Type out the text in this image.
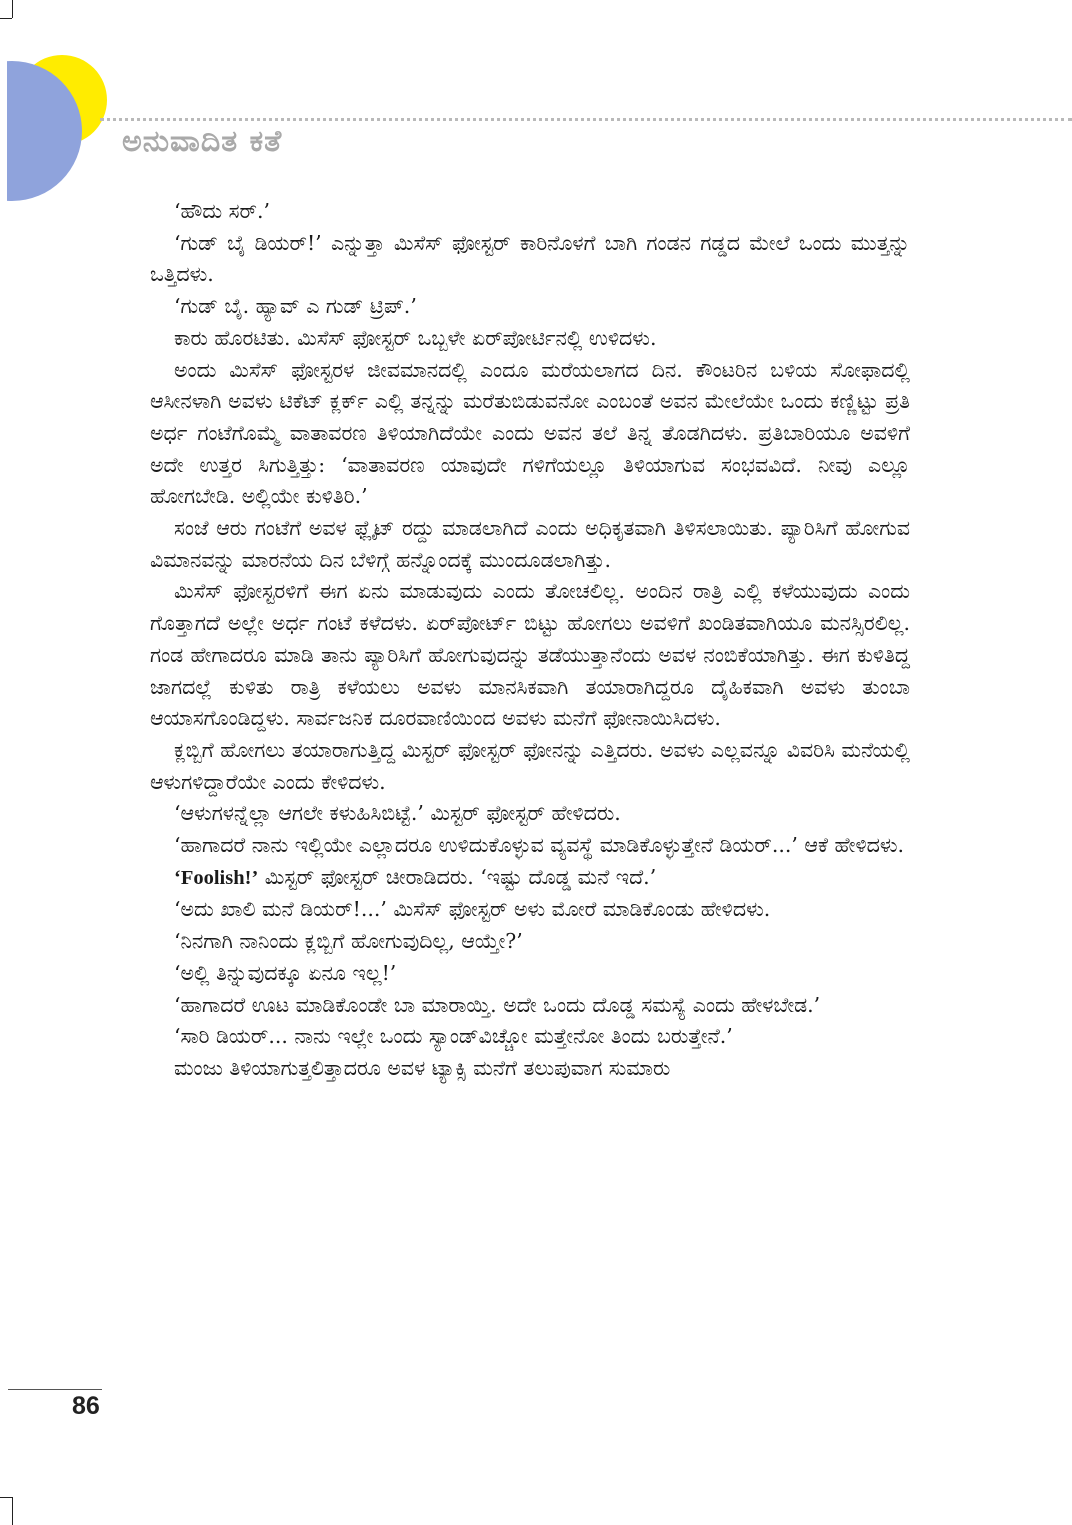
ಅನುವಾದಿತ ಕತೆ

‘ಹೌದು ಸರ್.’

‘ಗುಡ್ ಬೈ ಡಿಯರ್!’ ಎನ್ನುತ್ತಾ ಮಿಸೆಸ್ ಫೋಸ್ಟರ್ ಕಾರಿನೊಳಗೆ ಬಾಗಿ ಗಂಡನ ಗಡ್ಡದ ಮೇಲೆ ಒಂದು ಮುತ್ತನ್ನು ಒತ್ತಿದಳು.

‘ಗುಡ್ ಬೈ. ಹ್ಯಾವ್ ಎ ಗುಡ್ ಟ್ರಿಪ್.’

ಕಾರು ಹೊರಟಿತು. ಮಿಸೆಸ್ ಫೋಸ್ಟರ್ ಒಬ್ಬಳೇ ಏರ್‌ಪೋರ್ಟಿನಲ್ಲಿ ಉಳಿದಳು.

ಅಂದು ಮಿಸೆಸ್ ಫೋಸ್ಟರಳ ಜೀವಮಾನದಲ್ಲಿ ಎಂದೂ ಮರೆಯಲಾಗದ ದಿನ. ಕೌಂಟರಿನ ಬಳಿಯ ಸೋಫಾದಲ್ಲಿ ಆಸೀನಳಾಗಿ ಅವಳು ಟಿಕೆಟ್ ಕ್ಲರ್ಕ್ ಎಲ್ಲಿ ತನ್ನನ್ನು ಮರೆತುಬಿಡುವನೋ ಎಂಬಂತೆ ಅವನ ಮೇಲೆಯೇ ಒಂದು ಕಣ್ಣಿಟ್ಟು ಪ್ರತಿ ಅರ್ಧ ಗಂಟೆಗೊಮ್ಮೆ ವಾತಾವರಣ ತಿಳಿಯಾಗಿದೆಯೇ ಎಂದು ಅವನ ತಲೆ ತಿನ್ನ ತೊಡಗಿದಳು. ಪ್ರತಿಬಾರಿಯೂ ಅವಳಿಗೆ ಅದೇ ಉತ್ತರ ಸಿಗುತ್ತಿತ್ತು: ‘ವಾತಾವರಣ ಯಾವುದೇ ಗಳಿಗೆಯಲ್ಲೂ ತಿಳಿಯಾಗುವ ಸಂಭವವಿದೆ. ನೀವು ಎಲ್ಲೂ ಹೋಗಬೇಡಿ. ಅಲ್ಲಿಯೇ ಕುಳಿತಿರಿ.’

ಸಂಜೆ ಆರು ಗಂಟೆಗೆ ಅವಳ ಫ್ಲೈಟ್ ರದ್ದು ಮಾಡಲಾಗಿದೆ ಎಂದು ಅಧಿಕೃತವಾಗಿ ತಿಳಿಸಲಾಯಿತು. ಪ್ಯಾರಿಸಿಗೆ ಹೋಗುವ ವಿಮಾನವನ್ನು ಮಾರನೆಯ ದಿನ ಬೆಳಿಗ್ಗೆ ಹನ್ನೊಂದಕ್ಕೆ ಮುಂದೂಡಲಾಗಿತ್ತು.

ಮಿಸೆಸ್ ಫೋಸ್ಟರಳಿಗೆ ಈಗ ಏನು ಮಾಡುವುದು ಎಂದು ತೋಚಲಿಲ್ಲ. ಅಂದಿನ ರಾತ್ರಿ ಎಲ್ಲಿ ಕಳೆಯುವುದು ಎಂದು ಗೊತ್ತಾಗದೆ ಅಲ್ಲೇ ಅರ್ಧ ಗಂಟೆ ಕಳೆದಳು. ಏರ್‌ಪೋರ್ಟ್ ಬಿಟ್ಟು ಹೋಗಲು ಅವಳಿಗೆ ಖಂಡಿತವಾಗಿಯೂ ಮನಸ್ಸಿರಲಿಲ್ಲ. ಗಂಡ ಹೇಗಾದರೂ ಮಾಡಿ ತಾನು ಪ್ಯಾರಿಸಿಗೆ ಹೋಗುವುದನ್ನು ತಡೆಯುತ್ತಾನೆಂದು ಅವಳ ನಂಬಿಕೆಯಾಗಿತ್ತು. ಈಗ ಕುಳಿತಿದ್ದ ಜಾಗದಲ್ಲೆ ಕುಳಿತು ರಾತ್ರಿ ಕಳೆಯಲು ಅವಳು ಮಾನಸಿಕವಾಗಿ ತಯಾರಾಗಿದ್ದರೂ ದೈಹಿಕವಾಗಿ ಅವಳು ತುಂಬಾ ಆಯಾಸಗೊಂಡಿದ್ದಳು. ಸಾರ್ವಜನಿಕ ದೂರವಾಣಿಯಿಂದ ಅವಳು ಮನೆಗೆ ಫೋನಾಯಿಸಿದಳು.

ಕ್ಲಬ್ಬಿಗೆ ಹೋಗಲು ತಯಾರಾಗುತ್ತಿದ್ದ ಮಿಸ್ಟರ್ ಫೋಸ್ಟರ್ ಫೋನನ್ನು ಎತ್ತಿದರು. ಅವಳು ಎಲ್ಲವನ್ನೂ ವಿವರಿಸಿ ಮನೆಯಲ್ಲಿ ಆಳುಗಳಿದ್ದಾರೆಯೇ ಎಂದು ಕೇಳಿದಳು.

‘ಆಳುಗಳನ್ನೆಲ್ಲಾ ಆಗಲೇ ಕಳುಹಿಸಿಬಿಟ್ಟೆ.’ ಮಿಸ್ಟರ್ ಫೋಸ್ಟರ್ ಹೇಳಿದರು.

‘ಹಾಗಾದರೆ ನಾನು ಇಲ್ಲಿಯೇ ಎಲ್ಲಾದರೂ ಉಳಿದುಕೊಳ್ಳುವ ವ್ಯವಸ್ಥೆ ಮಾಡಿಕೊಳ್ಳುತ್ತೇನೆ ಡಿಯರ್...’ ಆಕೆ ಹೇಳಿದಳು.

‘Foolish!’ ಮಿಸ್ಟರ್ ಫೋಸ್ಟರ್ ಚೀರಾಡಿದರು. ‘ಇಷ್ಟು ದೊಡ್ಡ ಮನೆ ಇದೆ.’

‘ಅದು ಖಾಲಿ ಮನೆ ಡಿಯರ್!...’ ಮಿಸೆಸ್ ಫೋಸ್ಟರ್ ಅಳು ಮೋರೆ ಮಾಡಿಕೊಂಡು ಹೇಳಿದಳು.

‘ನಿನಗಾಗಿ ನಾನಿಂದು ಕ್ಲಬ್ಬಿಗೆ ಹೋಗುವುದಿಲ್ಲ, ಆಯ್ತೇ?’

‘ಅಲ್ಲಿ ತಿನ್ನುವುದಕ್ಕೂ ಏನೂ ಇಲ್ಲ!’

‘ಹಾಗಾದರೆ ಊಟ ಮಾಡಿಕೊಂಡೇ ಬಾ ಮಾರಾಯ್ತಿ. ಅದೇ ಒಂದು ದೊಡ್ಡ ಸಮಸ್ಯೆ ಎಂದು ಹೇಳಬೇಡ.’

‘ಸಾರಿ ಡಿಯರ್... ನಾನು ಇಲ್ಲೇ ಒಂದು ಸ್ಯಾಂಡ್‌ವಿಚ್ಚೋ ಮತ್ತೇನೋ ತಿಂದು ಬರುತ್ತೇನೆ.’

ಮಂಜು ತಿಳಿಯಾಗುತ್ತಲಿತ್ತಾದರೂ ಅವಳ ಟ್ಯಾಕ್ಸಿ ಮನೆಗೆ ತಲುಪುವಾಗ ಸುಮಾರು

86
